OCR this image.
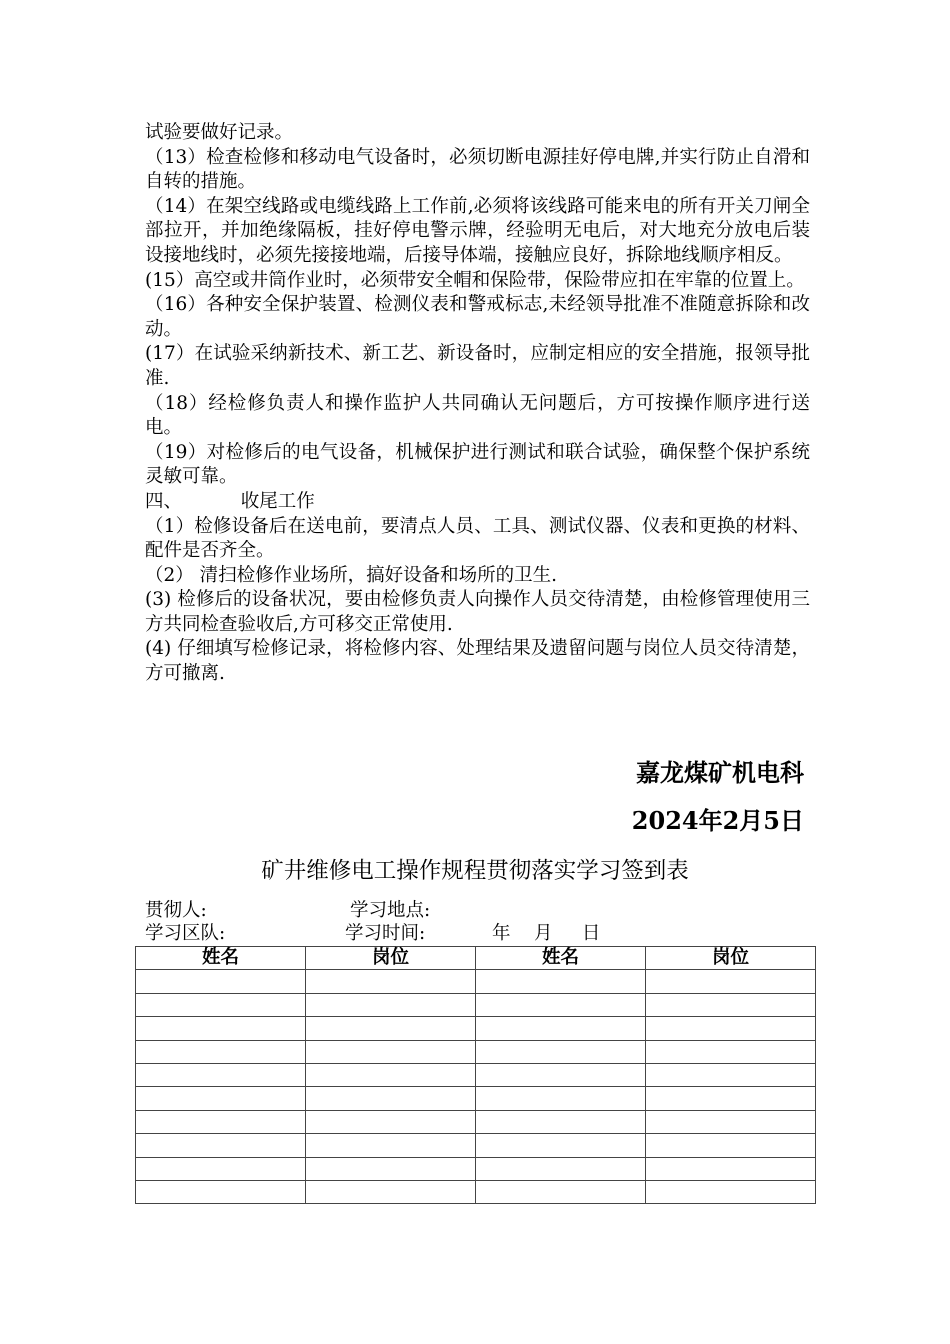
试验要做好记录。

（13）检查检修和移动电气设备时，必须切断电源挂好停电牌,并实行防止自滑和自转的措施。

（14）在架空线路或电缆线路上工作前,必须将该线路可能来电的所有开关刀闸全部拉开，并加绝缘隔板，挂好停电警示牌，经验明无电后，对大地充分放电后装设接地线时，必须先接接地端，后接导体端，接触应良好，拆除地线顺序相反。

(15）高空或井筒作业时，必须带安全帽和保险带，保险带应扣在牢靠的位置上。

（16）各种安全保护装置、检测仪表和警戒标志,未经领导批准不准随意拆除和改动。

(17）在试验采纳新技术、新工艺、新设备时，应制定相应的安全措施，报领导批准.

（18）经检修负责人和操作监护人共同确认无问题后，方可按操作顺序进行送电。

（19）对检修后的电气设备，机械保护进行测试和联合试验，确保整个保护系统灵敏可靠。

四、          收尾工作

（1）检修设备后在送电前，要清点人员、工具、测试仪器、仪表和更换的材料、配件是否齐全。

（2） 清扫检修作业场所，搞好设备和场所的卫生.

(3) 检修后的设备状况，要由检修负责人向操作人员交待清楚，由检修管理使用三方共同检查验收后,方可移交正常使用.

(4) 仔细填写检修记录，将检修内容、处理结果及遗留问题与岗位人员交待清楚，方可撤离.

嘉龙煤矿机电科
2024年2月5日
矿井维修电工操作规程贯彻落实学习签到表
贯彻人:	学习地点:
学习区队:	学习时间:	年    月     日
姓名	岗位	姓名	岗位
